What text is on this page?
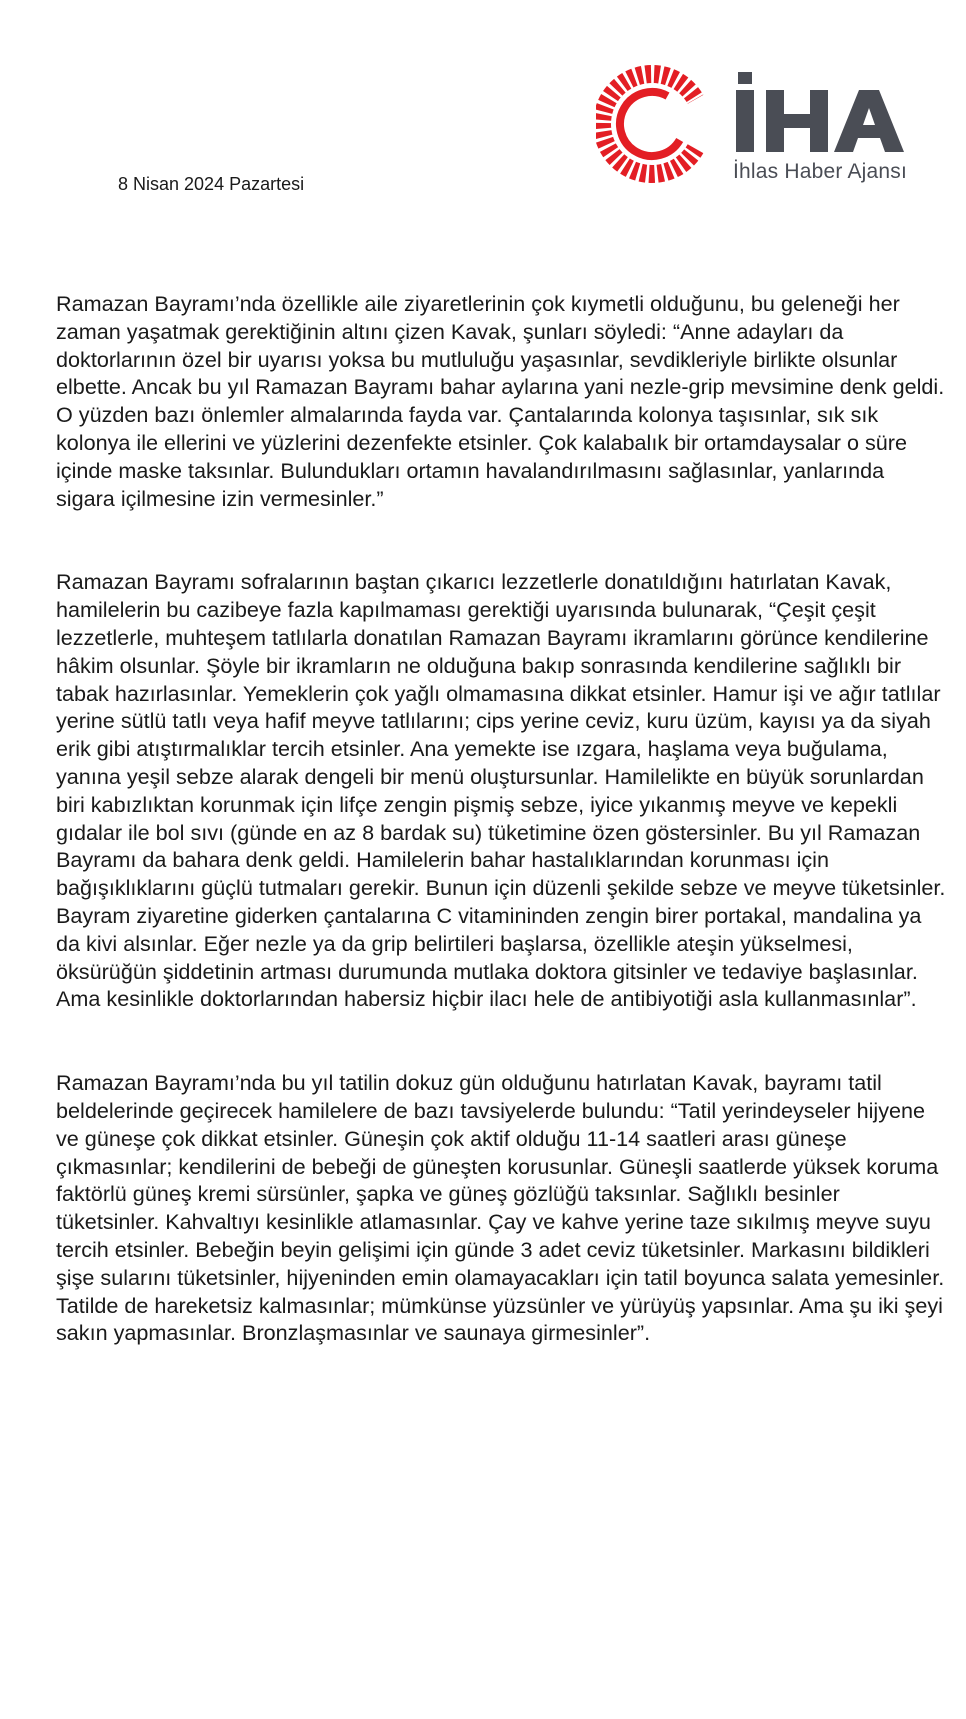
8 Nisan 2024 Pazartesi
İhlas Haber Ajansı

Ramazan Bayramı’nda özellikle aile ziyaretlerinin çok kıymetli olduğunu, bu geleneği her zaman yaşatmak gerektiğinin altını çizen Kavak, şunları söyledi: “Anne adayları da doktorlarının özel bir uyarısı yoksa bu mutluluğu yaşasınlar, sevdikleriyle birlikte olsunlar elbette. Ancak bu yıl Ramazan Bayramı bahar aylarına yani nezle-grip mevsimine denk geldi. O yüzden bazı önlemler almalarında fayda var. Çantalarında kolonya taşısınlar, sık sık kolonya ile ellerini ve yüzlerini dezenfekte etsinler. Çok kalabalık bir ortamdaysalar o süre içinde maske taksınlar. Bulundukları ortamın havalandırılmasını sağlasınlar, yanlarında sigara içilmesine izin vermesinler.”

Ramazan Bayramı sofralarının baştan çıkarıcı lezzetlerle donatıldığını hatırlatan Kavak, hamilelerin bu cazibeye fazla kapılmaması gerektiği uyarısında bulunarak, “Çeşit çeşit lezzetlerle, muhteşem tatlılarla donatılan Ramazan Bayramı ikramlarını görünce kendilerine hâkim olsunlar. Şöyle bir ikramların ne olduğuna bakıp sonrasında kendilerine sağlıklı bir tabak hazırlasınlar. Yemeklerin çok yağlı olmamasına dikkat etsinler. Hamur işi ve ağır tatlılar yerine sütlü tatlı veya hafif meyve tatlılarını; cips yerine ceviz, kuru üzüm, kayısı ya da siyah erik gibi atıştırmalıklar tercih etsinler. Ana yemekte ise ızgara, haşlama veya buğulama, yanına yeşil sebze alarak dengeli bir menü oluştursunlar. Hamilelikte en büyük sorunlardan biri kabızlıktan korunmak için lifçe zengin pişmiş sebze, iyice yıkanmış meyve ve kepekli gıdalar ile bol sıvı (günde en az 8 bardak su) tüketimine özen göstersinler. Bu yıl Ramazan Bayramı da bahara denk geldi. Hamilelerin bahar hastalıklarından korunması için bağışıklıklarını güçlü tutmaları gerekir. Bunun için düzenli şekilde sebze ve meyve tüketsinler. Bayram ziyaretine giderken çantalarına C vitamininden zengin birer portakal, mandalina ya da kivi alsınlar. Eğer nezle ya da grip belirtileri başlarsa, özellikle ateşin yükselmesi, öksürüğün şiddetinin artması durumunda mutlaka doktora gitsinler ve tedaviye başlasınlar. Ama kesinlikle doktorlarından habersiz hiçbir ilacı hele de antibiyotiği asla kullanmasınlar”.

Ramazan Bayramı’nda bu yıl tatilin dokuz gün olduğunu hatırlatan Kavak, bayramı tatil beldelerinde geçirecek hamilelere de bazı tavsiyelerde bulundu: “Tatil yerindeyseler hijyene ve güneşe çok dikkat etsinler. Güneşin çok aktif olduğu 11-14 saatleri arası güneşe çıkmasınlar; kendilerini de bebeği de güneşten korusunlar. Güneşli saatlerde yüksek koruma faktörlü güneş kremi sürsünler, şapka ve güneş gözlüğü taksınlar. Sağlıklı besinler tüketsinler. Kahvaltıyı kesinlikle atlamasınlar. Çay ve kahve yerine taze sıkılmış meyve suyu tercih etsinler. Bebeğin beyin gelişimi için günde 3 adet ceviz tüketsinler. Markasını bildikleri şişe sularını tüketsinler, hijyeninden emin olamayacakları için tatil boyunca salata yemesinler. Tatilde de hareketsiz kalmasınlar; mümkünse yüzsünler ve yürüyüş yapsınlar. Ama şu iki şeyi sakın yapmasınlar. Bronzlaşmasınlar ve saunaya girmesinler”.
